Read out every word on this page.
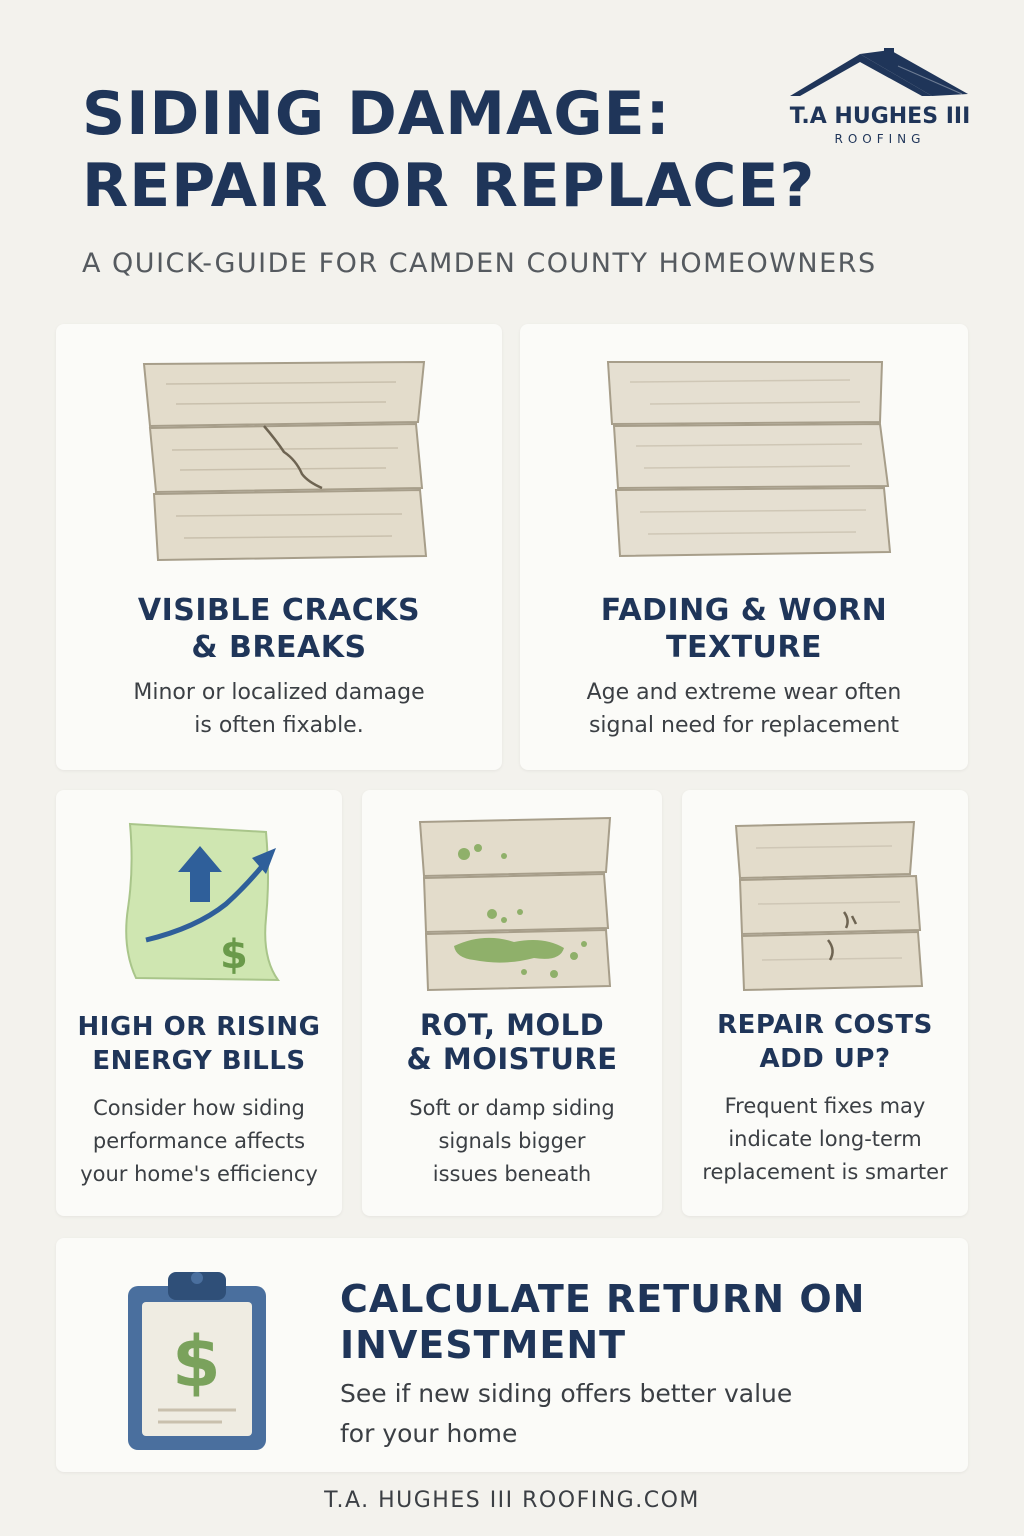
SIDING DAMAGE:
REPAIR OR REPLACE?
T.A HUGHES III
ROOFING
A QUICK-GUIDE FOR CAMDEN COUNTY HOMEOWNERS
VISIBLE CRACKS
& BREAKS
Minor or localized damage
is often fixable.
FADING & WORN
TEXTURE
Age and extreme wear often
signal need for replacement
$
HIGH OR RISING
ENERGY BILLS
Consider how siding
performance affects
your home's efficiency
ROT, MOLD
& MOISTURE
Soft or damp siding
signals bigger
issues beneath
REPAIR COSTS
ADD UP?
Frequent fixes may
indicate long-term
replacement is smarter
$
CALCULATE RETURN ON
INVESTMENT
See if new siding offers better value
for your home
T.A. HUGHES III ROOFING.COM
